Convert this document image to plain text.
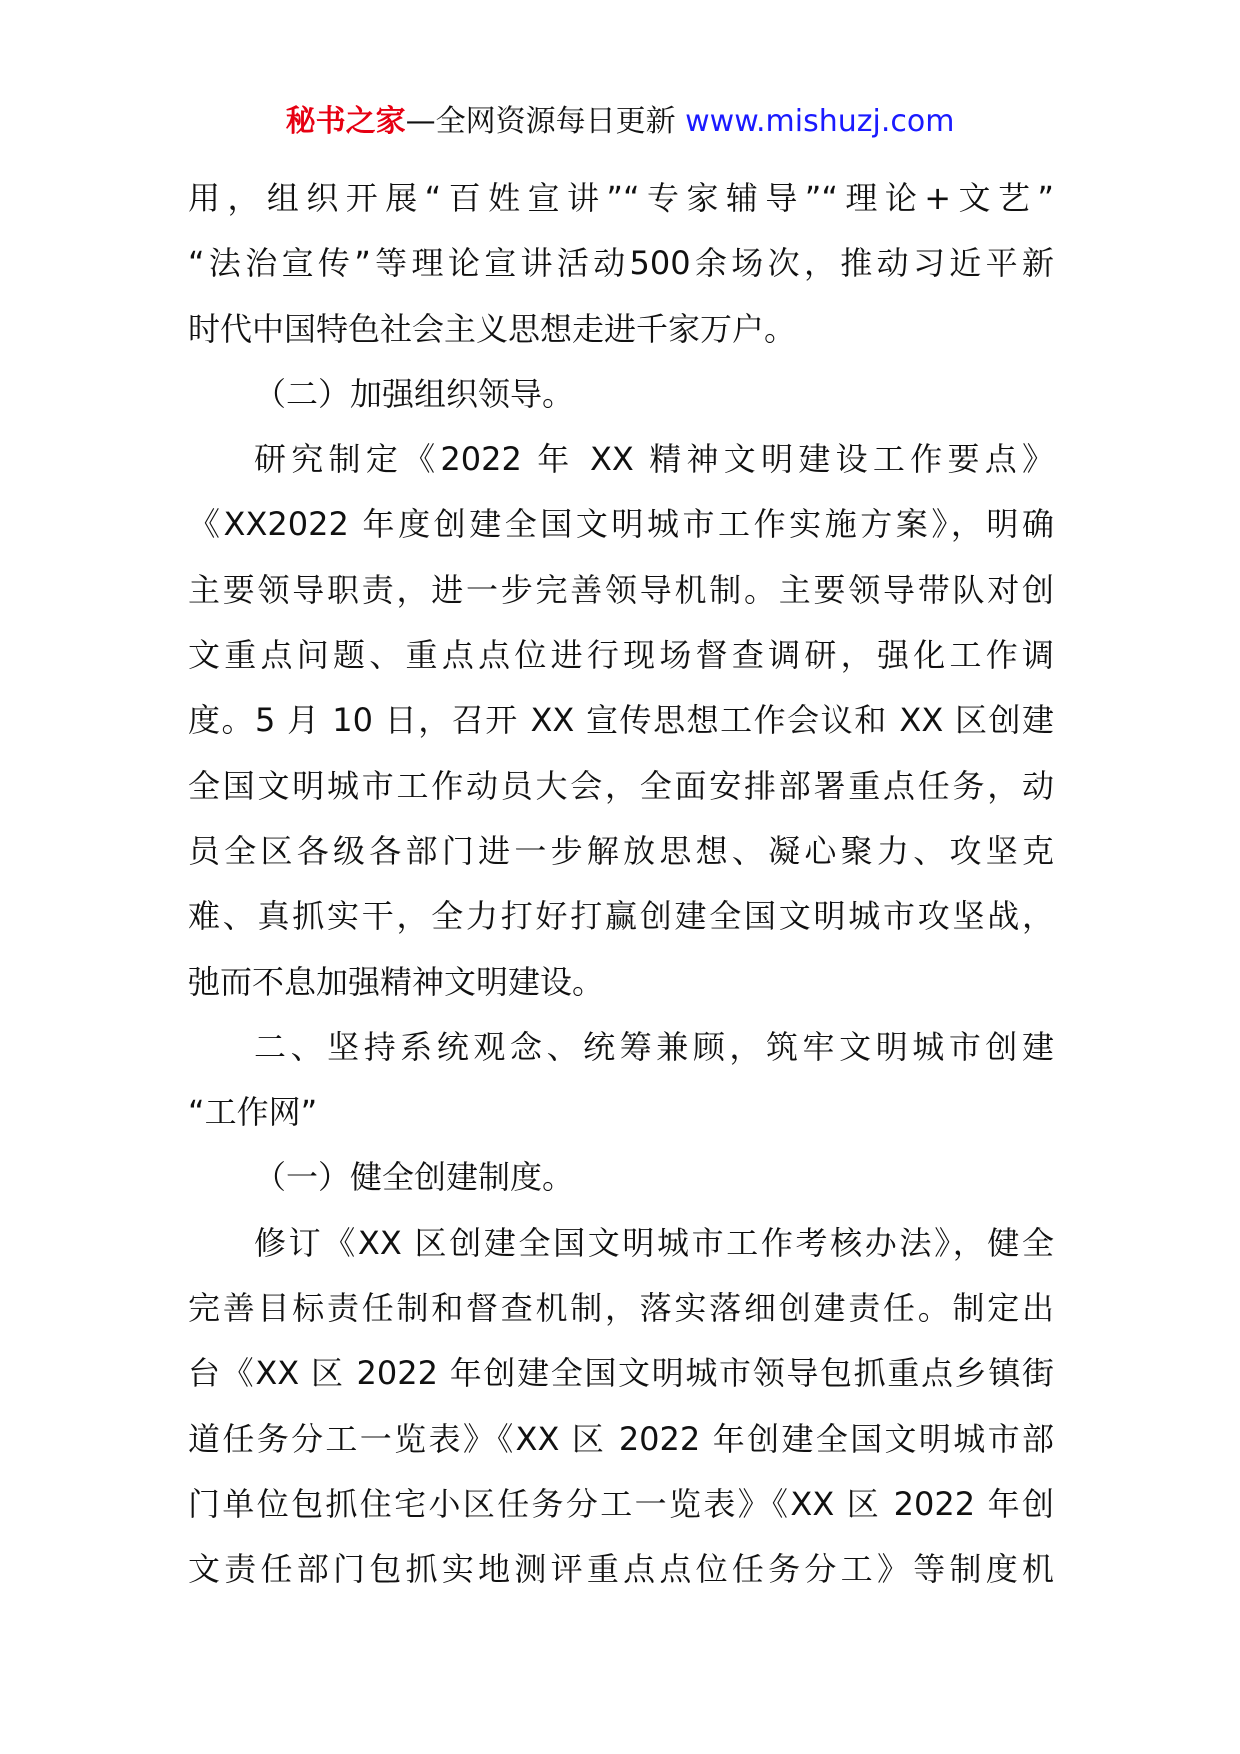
秘书之家—全网资源每日更新 www.mishuzj.com
用，组织开展“百姓宣讲”“专家辅导”“理论+文艺”
“法治宣传”等理论宣讲活动500余场次，推动习近平新
时代中国特色社会主义思想走进千家万户。
（二）加强组织领导。
研究制定《2022 年 XX 精神文明建设工作要点》
《XX2022 年度创建全国文明城市工作实施方案》，明确
主要领导职责，进一步完善领导机制。主要领导带队对创
文重点问题、重点点位进行现场督查调研，强化工作调
度。5 月 10 日，召开 XX 宣传思想工作会议和 XX 区创建
全国文明城市工作动员大会，全面安排部署重点任务，动
员全区各级各部门进一步解放思想、凝心聚力、攻坚克
难、真抓实干，全力打好打赢创建全国文明城市攻坚战，
弛而不息加强精神文明建设。
二、坚持系统观念、统筹兼顾，筑牢文明城市创建
“工作网”
（一）健全创建制度。
修订《XX 区创建全国文明城市工作考核办法》，健全
完善目标责任制和督查机制，落实落细创建责任。制定出
台《XX 区 2022 年创建全国文明城市领导包抓重点乡镇街
道任务分工一览表》《XX 区 2022 年创建全国文明城市部
门单位包抓住宅小区任务分工一览表》《XX 区 2022 年创
文责任部门包抓实地测评重点点位任务分工》等制度机
